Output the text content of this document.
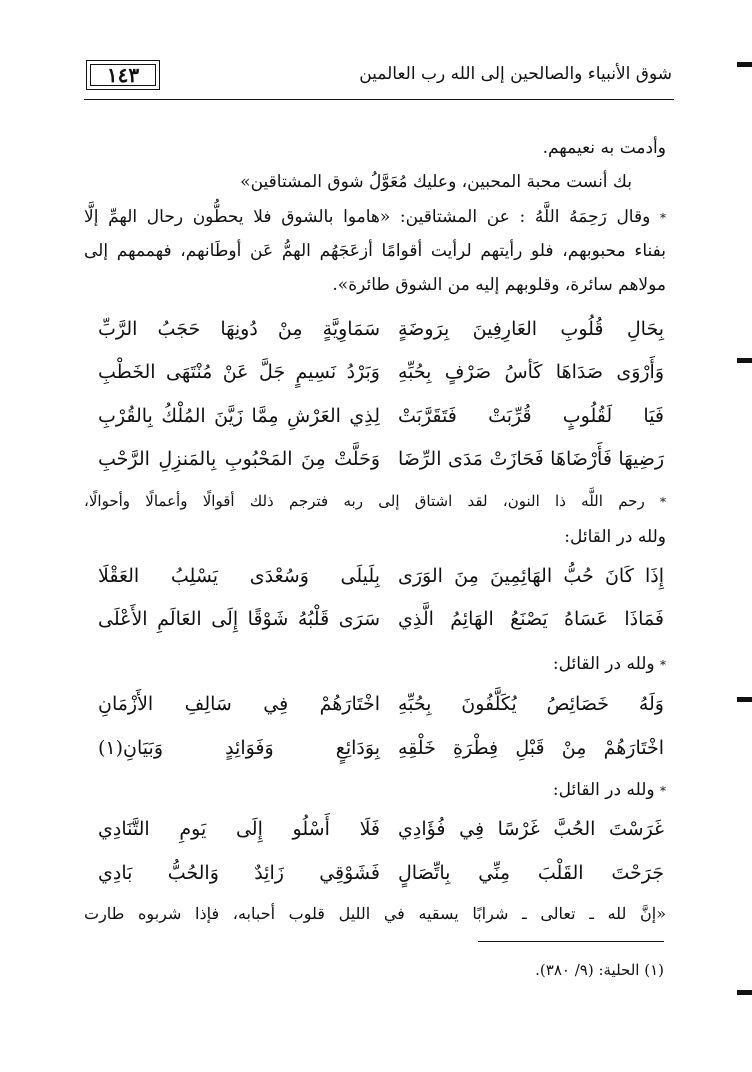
١٤٣	شوق الأنبياء والصالحين إلى الله رب العالمين
وأدمت به نعيمهم.
بك أنست محبة المحبين، وعليك مُعَوَّلُ شوق المشتاقين»
* وقال رَحِمَهُ اللَّهُ : عن المشتاقين: «هاموا بالشوق فلا يحطُّون رحال الهمِّ إلَّا
بفناء محبوبهم، فلو رأيتهم لرأيت أقوامًا أزعَجَهُم الهمُّ عَن أوطَانهم، فهممهم إلى
مولاهم سائرة، وقلوبهم إليه من الشوق طائرة».
بِحَالِ قُلُوبِ العَارِفِينَ بِرَوضَةٍ
سَمَاوِيَّةٍ مِنْ دُونِهَا حَجَبُ الرَّبِّ
وَأَرْوَى صَدَاهَا كَأسُ صَرْفٍ بِحُبِّهِ
وَبَرْدُ نَسِيمٍ جَلَّ عَنْ مُنْتَهَى الخَطْبِ
فَيَا لَقُلُوبٍ قُرِّبَتْ فَتَقَرَّبَتْ
لِذِي العَرْشِ مِمَّا زَيَّنَ المُلْكُ بِالقُرْبِ
رَضِيهَا فَأَرْضَاهَا فَحَازَتْ مَدَى الرِّضَا
وَحَلَّتْ مِنَ المَحْبُوبِ بِالمَنزِلِ الرَّحْبِ
* رحم اللَّه ذا النون، لقد اشتاق إلى ربه فترجم ذلك أقوالًا وأعمالًا وأحوالًا،
ولله در القائل:
إِذَا كَانَ حُبُّ الهَائِمِينَ مِنَ الوَرَى
بِلَيلَى وَسُعْدَى يَسْلِبُ العَقْلَا
فَمَاذَا عَسَاهُ يَصْنَعُ الهَائِمُ الَّذِي
سَرَى قَلْبُهُ شَوْقًا إِلَى العَالَمِ الأَعْلَى
* ولله در القائل:
وَلَهُ خَصَائِصُ يُكَلَّفُونَ بِحُبِّهِ
اخْتَارَهُمْ فِي سَالِفِ الأَزْمَانِ
اخْتَارَهُمْ مِنْ قَبْلِ فِطْرَةِ خَلْقِهِ
بِوَدَائِعٍ وَفَوَائِدٍ وَبَيَانِ(١)
* ولله در القائل:
غَرَسْتَ الحُبَّ غَرْسًا فِي فُؤَادِي
فَلَا أَسْلُو إِلَى يَومِ التَّنَادِي
جَرَحْتَ القَلْبَ مِنِّي بِاتِّصَالٍ
فَشَوْقِي زَائِدٌ وَالحُبُّ بَادِي
«إنَّ لله ـ تعالى ـ شرابًا يسقيه في الليل قلوب أحبابه، فإذا شربوه طارت
(١) الحلية: (٩/ ٣٨٠).
